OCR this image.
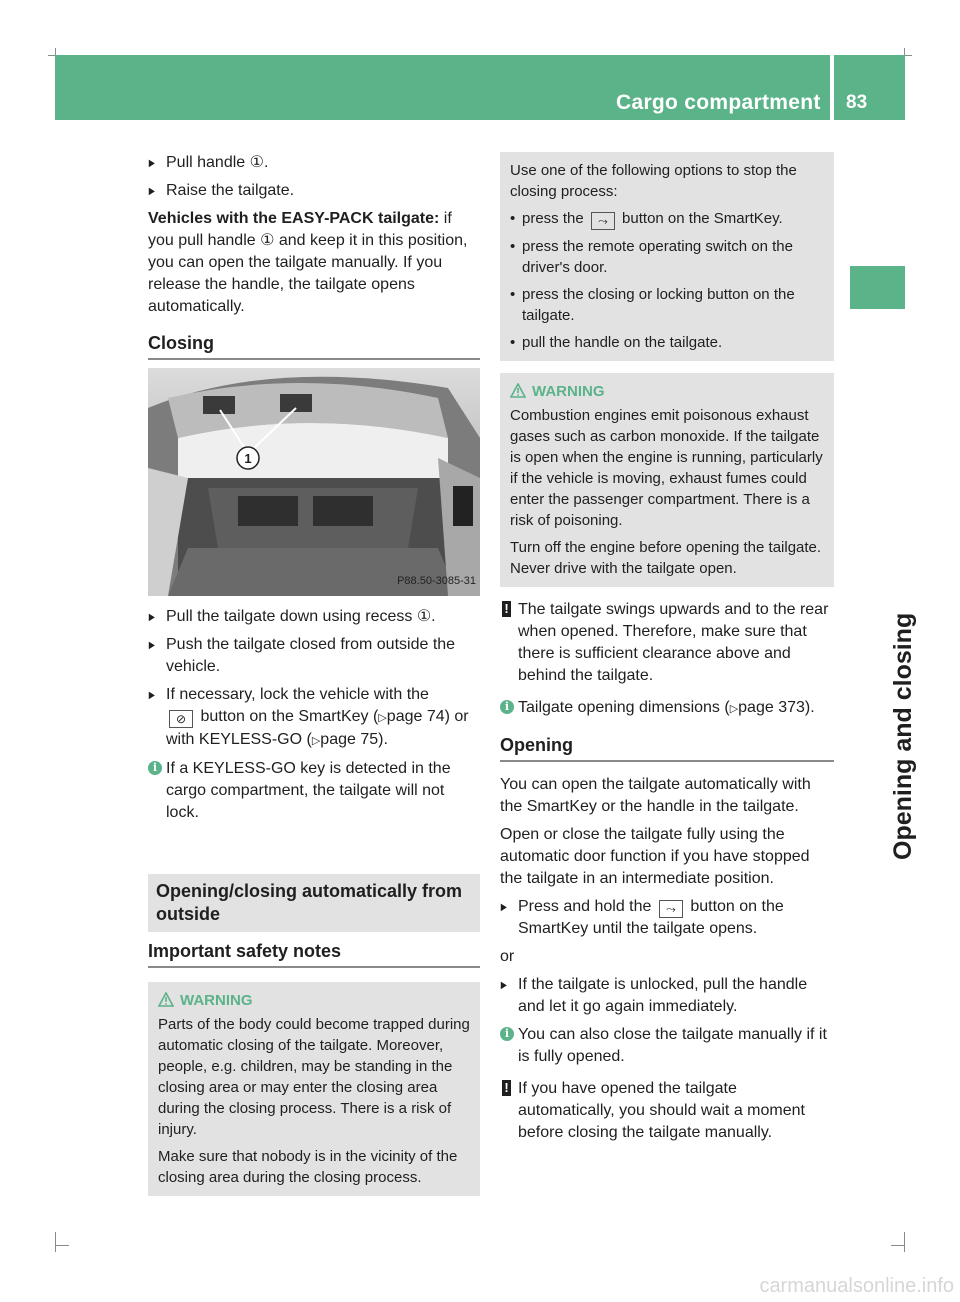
Cargo compartment 83
Opening and closing
▶ Pull handle ①.
▶ Raise the tailgate.

Vehicles with the EASY-PACK tailgate: if you pull handle ① and keep it in this position, you can open the tailgate manually. If you release the handle, the tailgate opens automatically.

Closing
1
P88.50-3085-31
▶ Pull the tailgate down using recess ①.
▶ Push the tailgate closed from outside the vehicle.
▶ If necessary, lock the vehicle with the
⊘ button on the SmartKey (▷page 74) or with KEYLESS-GO (▷page 75).
i If a KEYLESS-GO key is detected in the cargo compartment, the tailgate will not lock.
Opening/closing automatically from outside
Important safety notes
WARNING

Parts of the body could become trapped during automatic closing of the tailgate. Moreover, people, e.g. children, may be standing in the closing area or may enter the closing area during the closing process. There is a risk of injury.

Make sure that nobody is in the vicinity of the closing area during the closing process.

Use one of the following options to stop the closing process:

• press the ⤳ button on the SmartKey.
• press the remote operating switch on the driver's door.
• press the closing or locking button on the tailgate.
• pull the handle on the tailgate.
WARNING

Combustion engines emit poisonous exhaust gases such as carbon monoxide. If the tailgate is open when the engine is running, particularly if the vehicle is moving, exhaust fumes could enter the passenger compartment. There is a risk of poisoning.

Turn off the engine before opening the tailgate. Never drive with the tailgate open.

! The tailgate swings upwards and to the rear when opened. Therefore, make sure that there is sufficient clearance above and behind the tailgate.
i Tailgate opening dimensions (▷page 373).
Opening

You can open the tailgate automatically with the SmartKey or the handle in the tailgate.

Open or close the tailgate fully using the automatic door function if you have stopped the tailgate in an intermediate position.

▶ Press and hold the ⤳ button on the SmartKey until the tailgate opens.

or

▶ If the tailgate is unlocked, pull the handle and let it go again immediately.
i You can also close the tailgate manually if it is fully opened.
! If you have opened the tailgate automatically, you should wait a moment before closing the tailgate manually.
carmanualsonline.info
